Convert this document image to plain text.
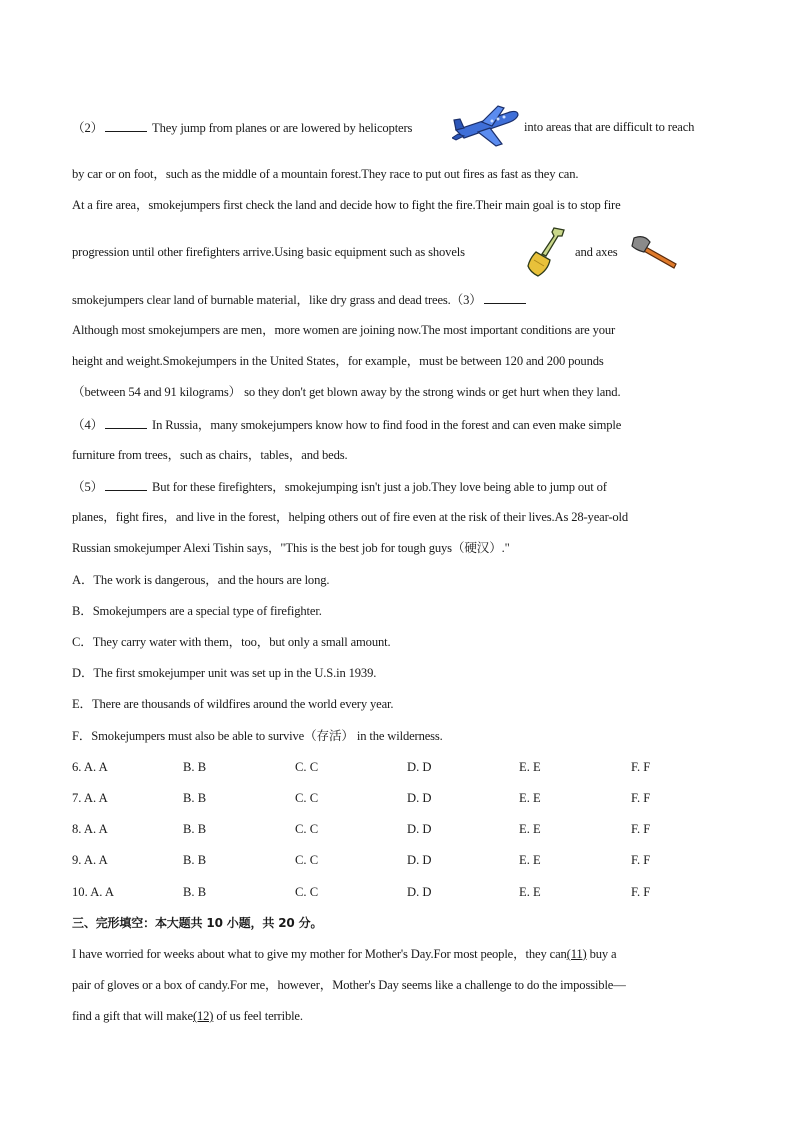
（2）	They jump from planes or are lowered by helicopters	into areas that are difficult to reach
by car or on foot，such as the middle of a mountain forest.They race to put out fires as fast as they can.
At a fire area，smokejumpers first check the land and decide how to fight the fire.Their main goal is to stop fire
progression until other firefighters arrive.Using basic equipment such as shovels	and axes
smokejumpers clear land of burnable material，like dry grass and dead trees.（3）
Although most smokejumpers are men，more women are joining now.The most important conditions are your
height and weight.Smokejumpers in the United States，for example，must be between 120 and 200 pounds
（between 54 and 91 kilograms） so they don't get blown away by the strong winds or get hurt when they land.
（4）	In Russia，many smokejumpers know how to find food in the forest and can even make simple
furniture from trees，such as chairs，tables，and beds.
（5）	But for these firefighters，smokejumping isn't just a job.They love being able to jump out of
planes，fight fires，and live in the forest，helping others out of fire even at the risk of their lives.As 28-year-old
Russian smokejumper Alexi Tishin says，"This is the best job for tough guys（硬汉）."
A．The work is dangerous，and the hours are long.
B．Smokejumpers are a special type of firefighter.
C．They carry water with them，too，but only a small amount.
D．The first smokejumper unit was set up in the U.S.in 1939.
E．There are thousands of wildfires around the world every year.
F．Smokejumpers must also be able to survive（存活） in the wilderness.
6. A. A	B. B	C. C	D. D	E. E	F. F
7. A. A	B. B	C. C	D. D	E. E	F. F
8. A. A	B. B	C. C	D. D	E. E	F. F
9. A. A	B. B	C. C	D. D	E. E	F. F
10. A. A	B. B	C. C	D. D	E. E	F. F
三、完形填空：本大题共 10 小题，共 20 分。
I have worried for weeks about what to give my mother for Mother's Day.For most people，they can(11) buy a
pair of gloves or a box of candy.For me，however，Mother's Day seems like a challenge to do the impossible—
find a gift that will make(12) of us feel terrible.
